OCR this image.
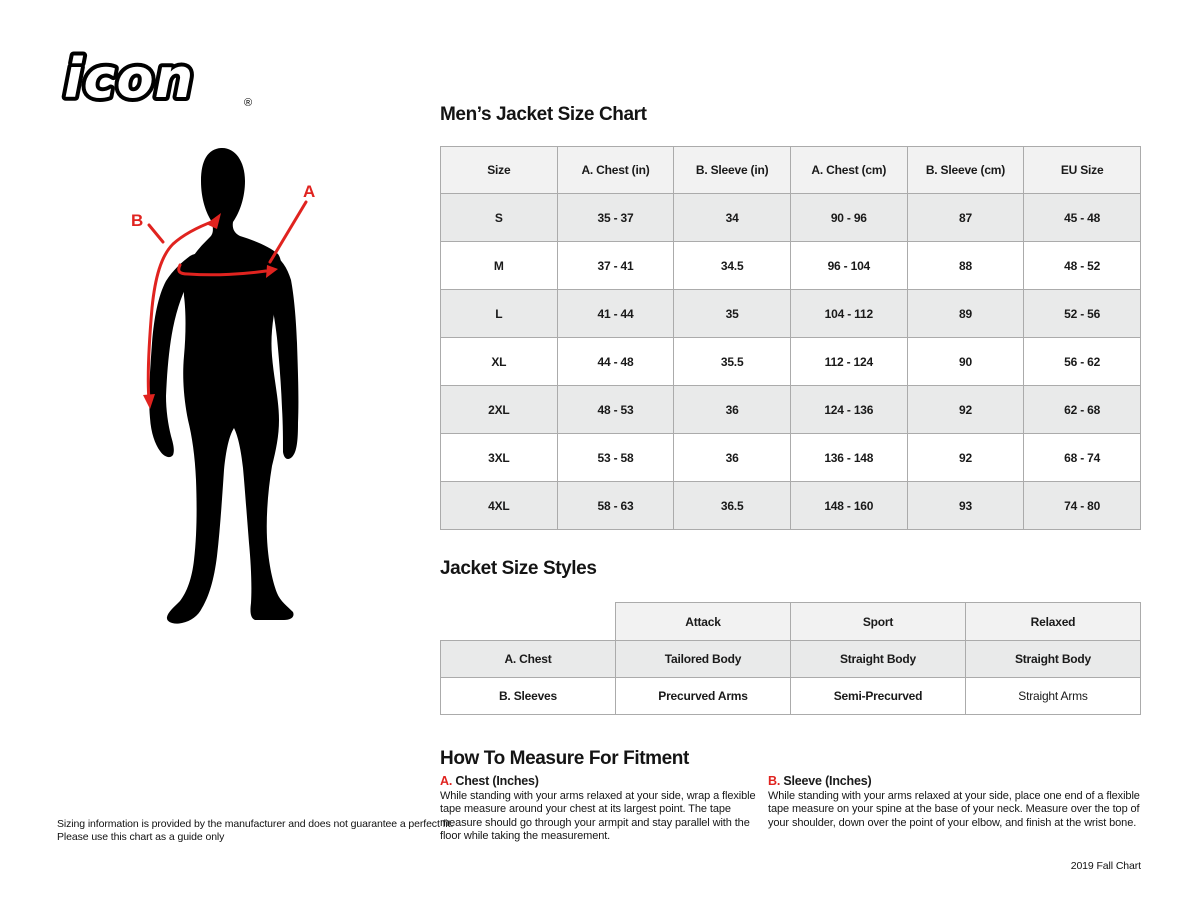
icon	®
A
B
Men’s Jacket Size Chart
Size	A. Chest (in)	B. Sleeve (in)	A. Chest (cm)	B. Sleeve (cm)	EU Size
S	35 - 37	34	90 - 96	87	45 - 48
M	37 - 41	34.5	96 - 104	88	48 - 52
L	41 - 44	35	104 - 112	89	52 - 56
XL	44 - 48	35.5	112 - 124	90	56 - 62
2XL	48 - 53	36	124 - 136	92	62 - 68
3XL	53 - 58	36	136 - 148	92	68 - 74
4XL	58 - 63	36.5	148 - 160	93	74 - 80
Jacket Size Styles
	Attack	Sport	Relaxed
A. Chest	Tailored Body	Straight Body	Straight Body
B. Sleeves	Precurved Arms	Semi-Precurved	Straight Arms
How To Measure For Fitment
A. Chest (Inches)
While standing with your arms relaxed at your side, wrap a flexible tape measure around your chest at its largest point. The tape measure should go through your armpit and stay parallel with the floor while taking the measurement.
B. Sleeve (Inches)
While standing with your arms relaxed at your side, place one end of a flexible tape measure on your spine at the base of your neck. Measure over the top of your shoulder, down over the point of your elbow, and finish at the wrist bone.
Sizing information is provided by the manufacturer and does not guarantee a perfect fit.
Please use this chart as a guide only
2019 Fall Chart
